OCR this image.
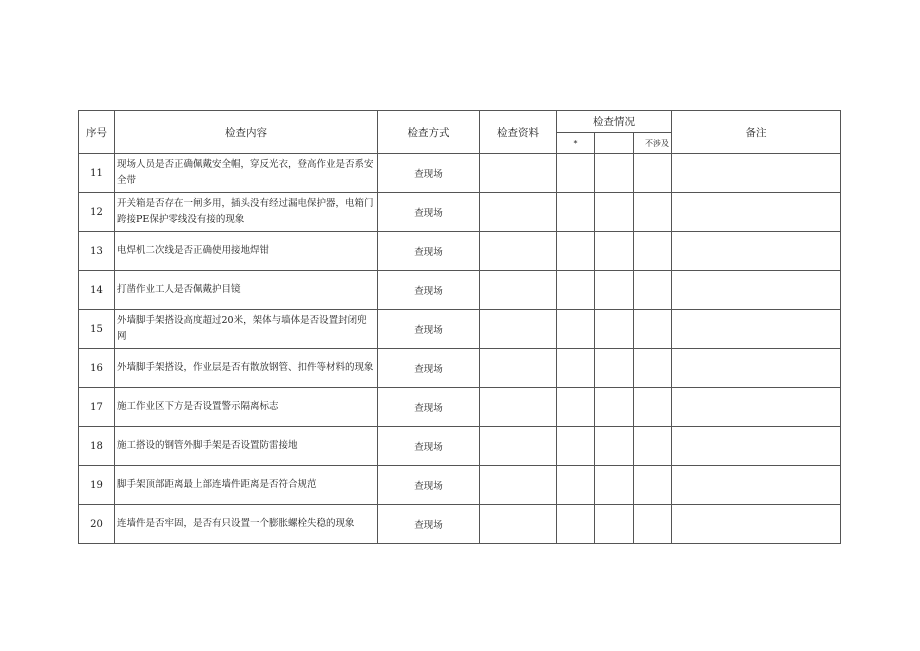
序号	检查内容	检查方式	检查资料	检查情况			备注
				*		不涉及	
11	现场人员是否正确佩戴安全帽，穿反光衣，登高作业是否系安全带	查现场					
12	开关箱是否存在一闸多用，插头没有经过漏电保护器，电箱门跨接PE保护零线没有接的现象	查现场					
13	电焊机二次线是否正确使用接地焊钳	查现场					
14	打凿作业工人是否佩戴护目镜	查现场					
15	外墙脚手架搭设高度超过20米，架体与墙体是否设置封闭兜网	查现场					
16	外墙脚手架搭设，作业层是否有散放钢管、扣件等材料的现象	查现场					
17	施工作业区下方是否设置警示隔离标志	查现场					
18	施工搭设的钢管外脚手架是否设置防雷接地	查现场					
19	脚手架顶部距离最上部连墙件距离是否符合规范	查现场					
20	连墙件是否牢固，是否有只设置一个膨胀螺栓失稳的现象	查现场					
